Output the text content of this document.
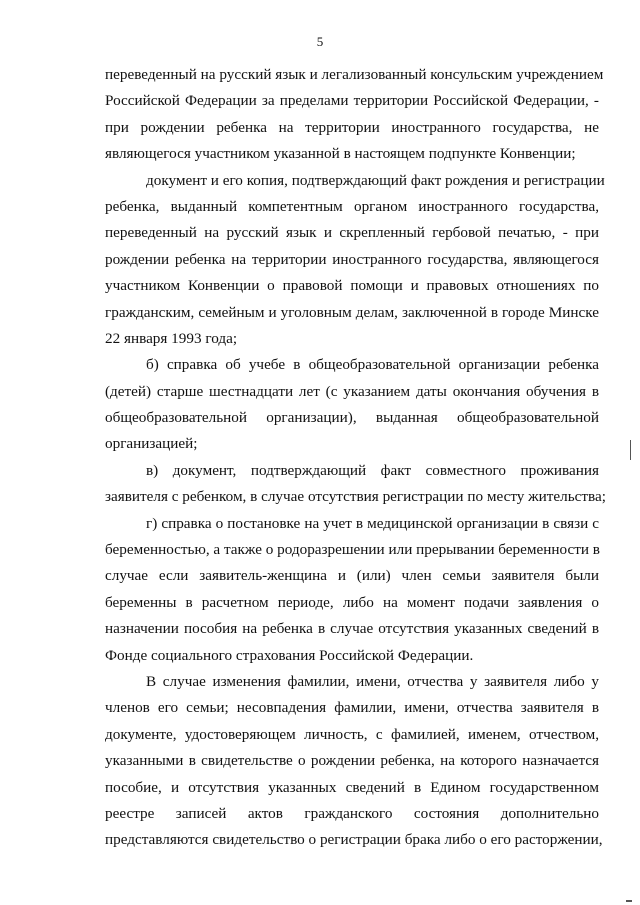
5
переведенный на русский язык и легализованный консульским учреждением
Российской Федерации за пределами территории Российской Федерации, -
при рождении ребенка на территории иностранного государства, не
являющегося участником указанной в настоящем подпункте Конвенции;
документ и его копия, подтверждающий факт рождения и регистрации
ребенка, выданный компетентным органом иностранного государства,
переведенный на русский язык и скрепленный гербовой печатью, - при
рождении ребенка на территории иностранного государства, являющегося
участником Конвенции о правовой помощи и правовых отношениях по
гражданским, семейным и уголовным делам, заключенной в городе Минске
22 января 1993 года;
б) справка об учебе в общеобразовательной организации ребенка
(детей) старше шестнадцати лет (с указанием даты окончания обучения в
общеобразовательной организации), выданная общеобразовательной
организацией;
в) документ, подтверждающий факт совместного проживания
заявителя с ребенком, в случае отсутствия регистрации по месту жительства;
г) справка о постановке на учет в медицинской организации в связи с
беременностью, а также о родоразрешении или прерывании беременности в
случае если заявитель-женщина и (или) член семьи заявителя были
беременны в расчетном периоде, либо на момент подачи заявления о
назначении пособия на ребенка в случае отсутствия указанных сведений в
Фонде социального страхования Российской Федерации.
В случае изменения фамилии, имени, отчества у заявителя либо у
членов его семьи; несовпадения фамилии, имени, отчества заявителя в
документе, удостоверяющем личность, с фамилией, именем, отчеством,
указанными в свидетельстве о рождении ребенка, на которого назначается
пособие, и отсутствия указанных сведений в Едином государственном
реестре записей актов гражданского состояния дополнительно
представляются свидетельство о регистрации брака либо о его расторжении,
